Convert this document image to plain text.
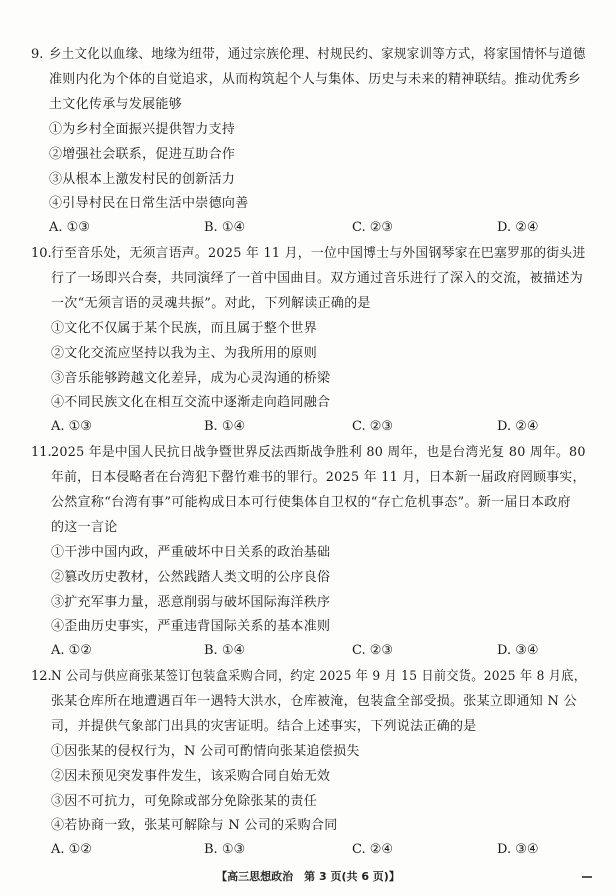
9. 乡土文化以血缘、地缘为纽带，通过宗族伦理、村规民约、家规家训等方式，将家国情怀与道德
准则内化为个体的自觉追求，从而构筑起个人与集体、历史与未来的精神联结。推动优秀乡
土文化传承与发展能够
①为乡村全面振兴提供智力支持
②增强社会联系，促进互助合作
③从根本上激发村民的创新活力
④引导村民在日常生活中崇德向善
A. ①③	B. ①④	C. ②③	D. ②④
10. 行至音乐处，无须言语声。2025 年 11 月，一位中国博士与外国钢琴家在巴塞罗那的街头进
行了一场即兴合奏，共同演绎了一首中国曲目。双方通过音乐进行了深入的交流，被描述为
一次“无须言语的灵魂共振”。对此，下列解读正确的是
①文化不仅属于某个民族，而且属于整个世界
②文化交流应坚持以我为主、为我所用的原则
③音乐能够跨越文化差异，成为心灵沟通的桥梁
④不同民族文化在相互交流中逐渐走向趋同融合
A. ①③	B. ①④	C. ②③	D. ②④
11. 2025 年是中国人民抗日战争暨世界反法西斯战争胜利 80 周年，也是台湾光复 80 周年。80
年前，日本侵略者在台湾犯下罄竹难书的罪行。2025 年 11 月，日本新一届政府罔顾事实，
公然宣称“台湾有事”可能构成日本可行使集体自卫权的“存亡危机事态”。新一届日本政府
的这一言论
①干涉中国内政，严重破坏中日关系的政治基础
②篡改历史教材，公然践踏人类文明的公序良俗
③扩充军事力量，恶意削弱与破坏国际海洋秩序
④歪曲历史事实，严重违背国际关系的基本准则
A. ①②	B. ①④	C. ②③	D. ③④
12. N 公司与供应商张某签订包装盒采购合同，约定 2025 年 9 月 15 日前交货。2025 年 8 月底，
张某仓库所在地遭遇百年一遇特大洪水，仓库被淹，包装盒全部受损。张某立即通知 N 公
司，并提供气象部门出具的灾害证明。结合上述事实，下列说法正确的是
①因张某的侵权行为，N 公司可酌情向张某追偿损失
②因未预见突发事件发生，该采购合同自始无效
③因不可抗力，可免除或部分免除张某的责任
④若协商一致，张某可解除与 N 公司的采购合同
A. ①②	B. ①③	C. ②④	D. ③④
【高三思想政治　第 3 页(共 6 页)】
